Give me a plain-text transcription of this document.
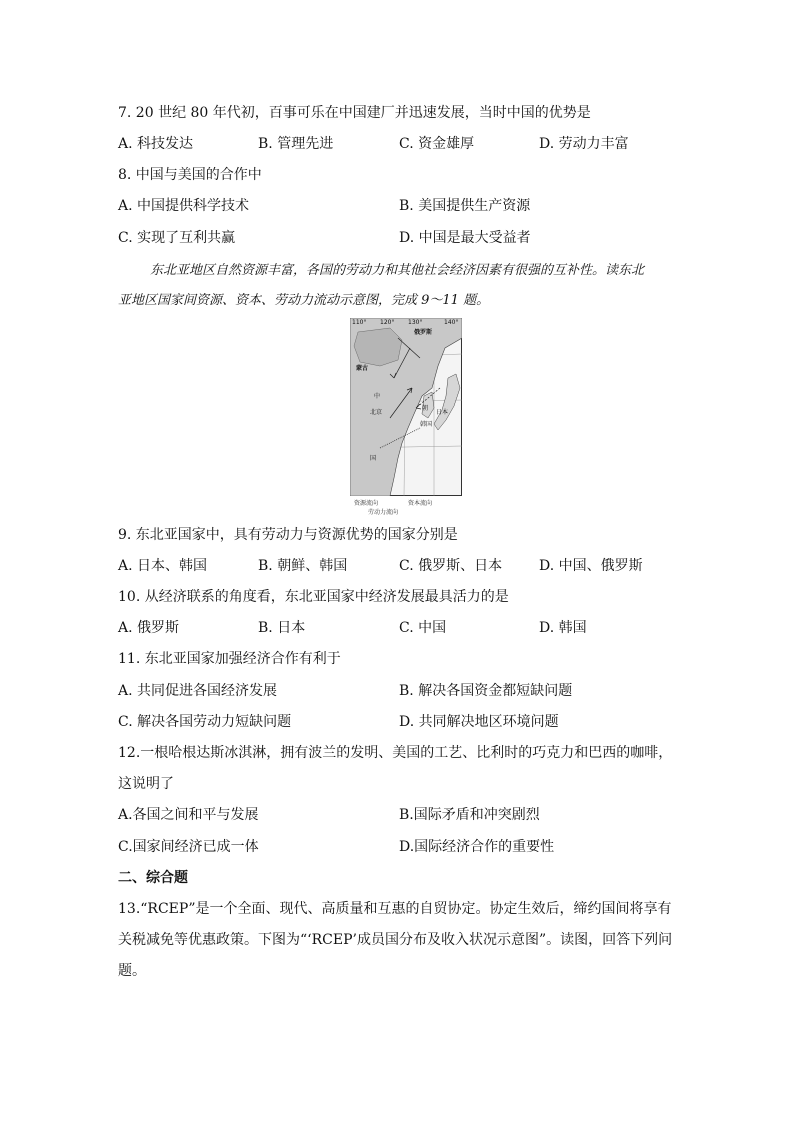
7. 20 世纪 80 年代初，百事可乐在中国建厂并迅速发展，当时中国的优势是
A. 科技发达	B. 管理先进	C. 资金雄厚	D. 劳动力丰富
8. 中国与美国的合作中
A. 中国提供科学技术	B. 美国提供生产资源
C. 实现了互利共赢	D. 中国是最大受益者
东北亚地区自然资源丰富，各国的劳动力和其他社会经济因素有很强的互补性。读东北
亚地区国家间资源、资本、劳动力流动示意图，完成 9～11 题。
110° 120° 130°	140°
俄罗斯
蒙古
中
北京
国
朝
韩国
日本
资源流向	资本流向
劳动力流向
9. 东北亚国家中，具有劳动力与资源优势的国家分别是
A. 日本、韩国	B. 朝鲜、韩国	C. 俄罗斯、日本	D. 中国、俄罗斯
10. 从经济联系的角度看，东北亚国家中经济发展最具活力的是
A. 俄罗斯	B. 日本	C. 中国	D. 韩国
11. 东北亚国家加强经济合作有利于
A. 共同促进各国经济发展	B. 解决各国资金都短缺问题
C. 解决各国劳动力短缺问题	D. 共同解决地区环境问题
12.一根哈根达斯冰淇淋，拥有波兰的发明、美国的工艺、比利时的巧克力和巴西的咖啡，
这说明了
A.各国之间和平与发展	B.国际矛盾和冲突剧烈
C.国家间经济已成一体	D.国际经济合作的重要性
二、综合题
13.“RCEP”是一个全面、现代、高质量和互惠的自贸协定。协定生效后，缔约国间将享有
关税减免等优惠政策。下图为“‘RCEP’成员国分布及收入状况示意图”。读图，回答下列问
题。
